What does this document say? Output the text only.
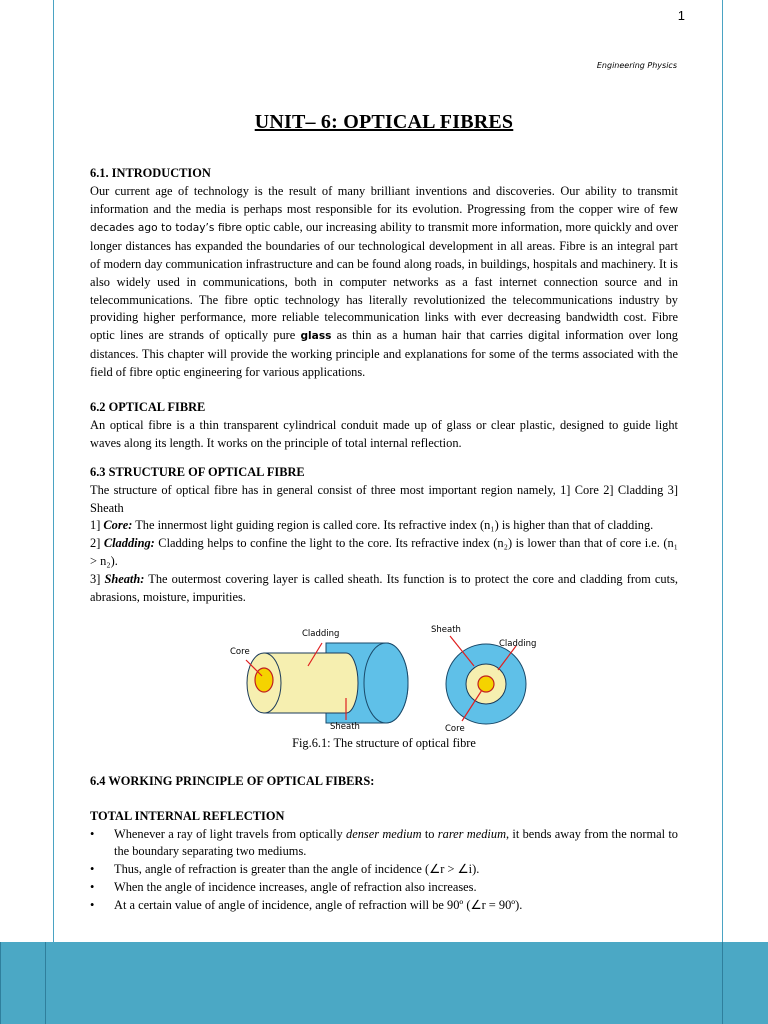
1
Engineering Physics
UNIT– 6: OPTICAL FIBRES
6.1. INTRODUCTION

Our current age of technology is the result of many brilliant inventions and discoveries. Our ability to transmit information and the media is perhaps most responsible for its evolution. Progressing from the copper wire of few decades ago to today’s fibre optic cable, our increasing ability to transmit more information, more quickly and over longer distances has expanded the boundaries of our technological development in all areas. Fibre is an integral part of modern day communication infrastructure and can be found along roads, in buildings, hospitals and machinery. It is also widely used in communications, both in computer networks as a fast internet connection source and in telecommunications. The fibre optic technology has literally revolutionized the telecommunications industry by providing higher performance, more reliable telecommunication links with ever decreasing bandwidth cost. Fibre optic lines are strands of optically pure glass as thin as a human hair that carries digital information over long distances. This chapter will provide the working principle and explanations for some of the terms associated with the field of fibre optic engineering for various applications.

6.2 OPTICAL FIBRE

An optical fibre is a thin transparent cylindrical conduit made up of glass or clear plastic, designed to guide light waves along its length. It works on the principle of total internal reflection.

6.3 STRUCTURE OF OPTICAL FIBRE

The structure of optical fibre has in general consist of three most important region namely, 1] Core 2] Cladding 3] Sheath

1] Core: The innermost light guiding region is called core. Its refractive index (n₁) is higher than that of cladding.

2] Cladding: Cladding helps to confine the light to the core. Its refractive index (n₂) is lower than that of core i.e. (n₁ > n₂).

3] Sheath: The outermost covering layer is called sheath. Its function is to protect the core and cladding from cuts, abrasions, moisture, impurities.

Cladding
Core
Sheath
Sheath
Cladding
Core
Fig.6.1: The structure of optical fibre
6.4 WORKING PRINCIPLE OF OPTICAL FIBERS:
TOTAL INTERNAL REFLECTION
• Whenever a ray of light travels from optically denser medium to rarer medium, it bends away from the normal to the boundary separating two mediums.
• Thus, angle of refraction is greater than the angle of incidence (∠r > ∠i).
• When the angle of incidence increases, angle of refraction also increases.
• At a certain value of angle of incidence, angle of refraction will be 90º (∠r = 90º).
